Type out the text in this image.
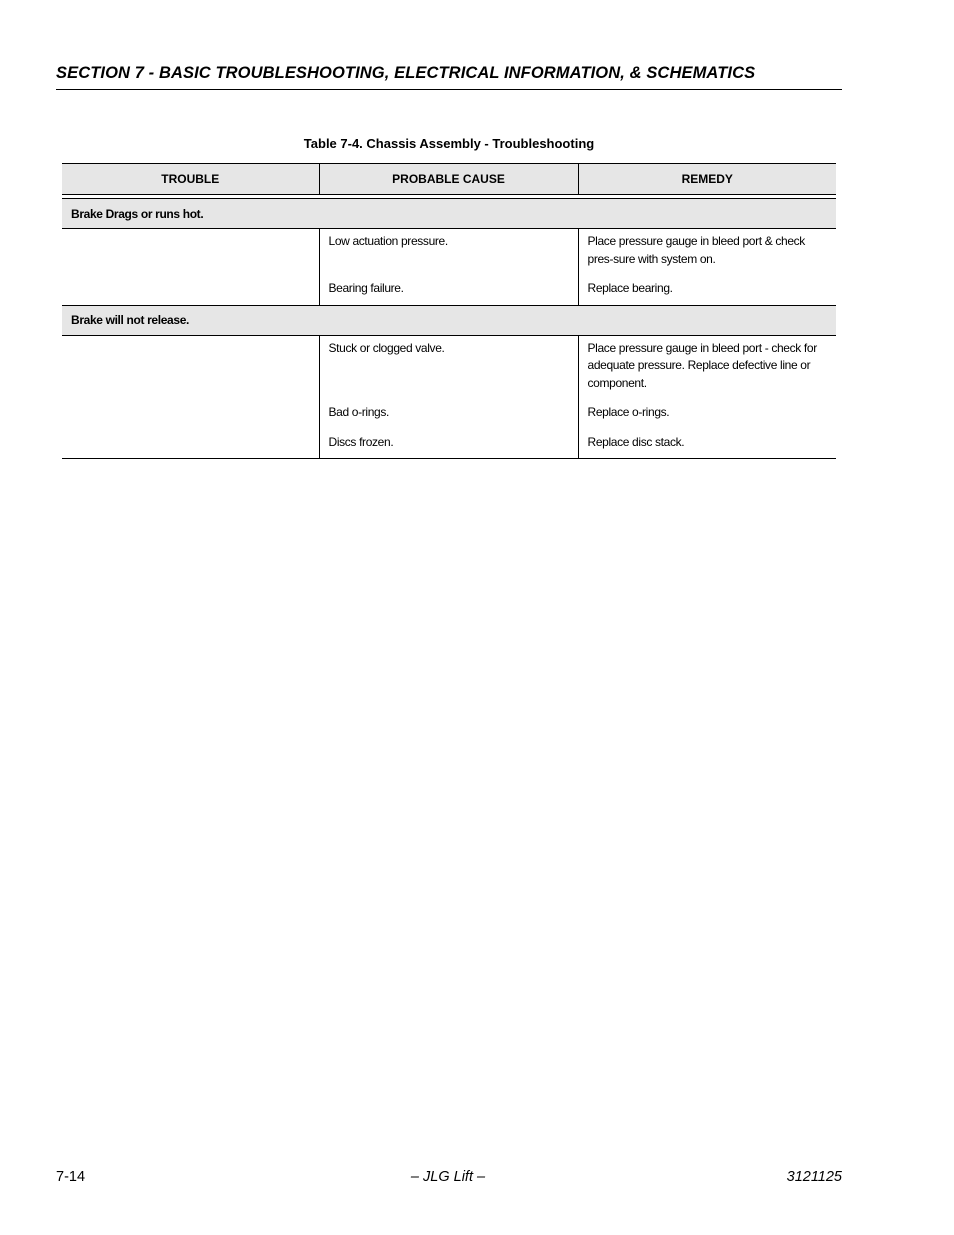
SECTION 7 - BASIC TROUBLESHOOTING, ELECTRICAL INFORMATION, & SCHEMATICS
Table 7-4. Chassis Assembly - Troubleshooting
TROUBLE	PROBABLE CAUSE	REMEDY

Brake Drags or runs hot.		
	Low actuation pressure.	Place pressure gauge in bleed port & check pres-sure with system on.
	Bearing failure.	Replace bearing.
Brake will not release.		
	Stuck or clogged valve.	Place pressure gauge in bleed port - check for adequate pressure. Replace defective line or component.
	Bad o-rings.	Replace o-rings.
	Discs frozen.	Replace disc stack.
7-14	– JLG Lift –	3121125
